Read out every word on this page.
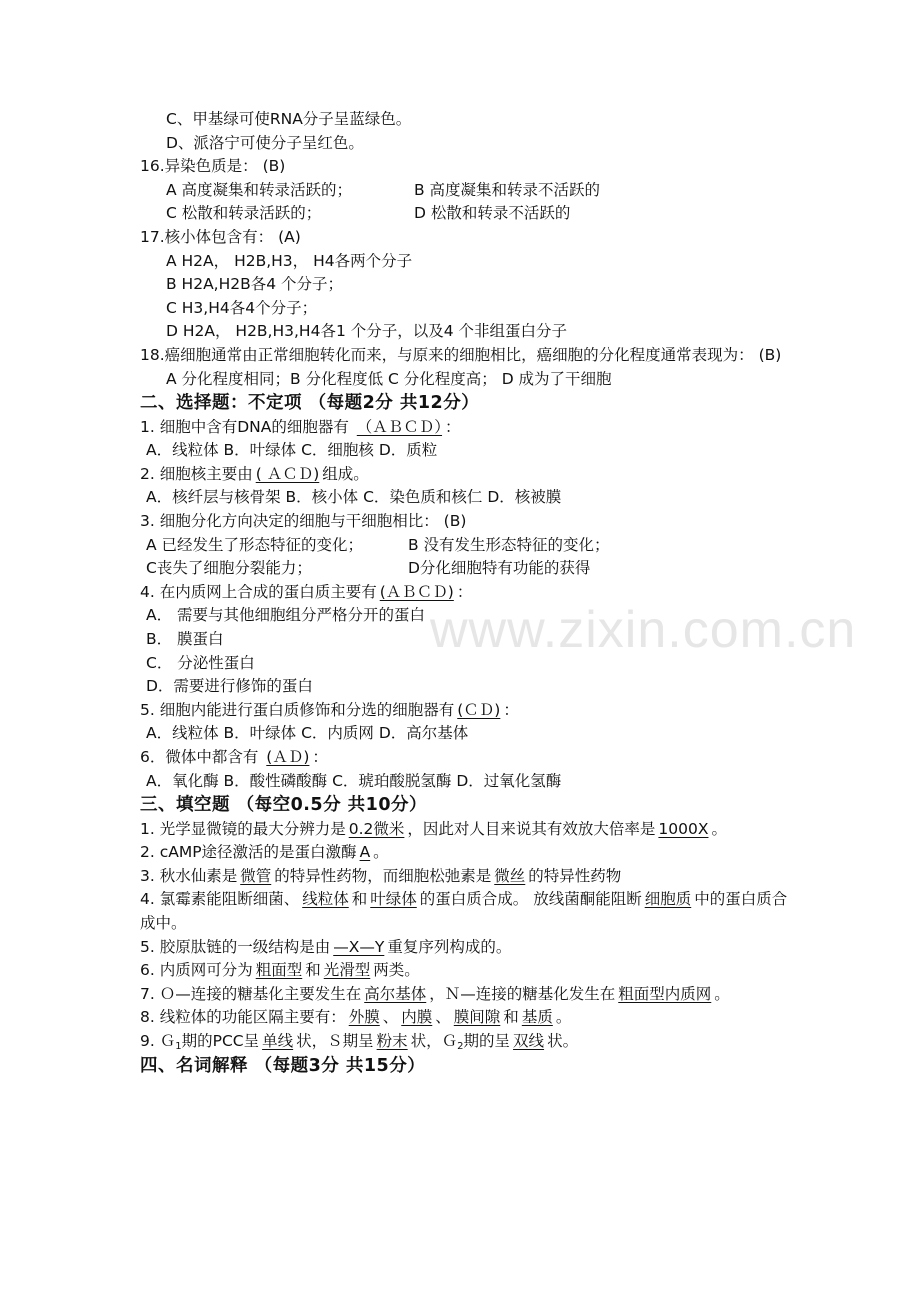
www.zixin.com.cn
C、甲基绿可使RNA分子呈蓝绿色。
D、派洛宁可使分子呈红色。
16.异染色质是： (B)
A 高度凝集和转录活跃的；	B 高度凝集和转录不活跃的
C 松散和转录活跃的；	D 松散和转录不活跃的
17.核小体包含有： (A)
A H2A， H2B,H3， H4各两个分子
B H2A,H2B各4 个分子；
C H3,H4各4个分子；
D H2A， H2B,H3,H4各1 个分子，以及4 个非组蛋白分子
18.癌细胞通常由正常细胞转化而来，与原来的细胞相比，癌细胞的分化程度通常表现为： (B)
A 分化程度相同；B 分化程度低 C 分化程度高； D 成为了干细胞
二、选择题：不定项 （每题2分 共12分）
1. 细胞中含有DNA的细胞器有 （ＡＢＣＤ） ：
A．线粒体 B．叶绿体 C．细胞核 D．质粒
2. 细胞核主要由 ( ＡＣＤ) 组成。
A．核纤层与核骨架 B．核小体 C．染色质和核仁 D．核被膜
3. 细胞分化方向决定的细胞与干细胞相比： (B)
A 已经发生了形态特征的变化；	B 没有发生形态特征的变化；
C丧失了细胞分裂能力；	D分化细胞特有功能的获得
4. 在内质网上合成的蛋白质主要有 (ＡＢＣＤ) ：
A． 需要与其他细胞组分严格分开的蛋白
B． 膜蛋白
C． 分泌性蛋白
D．需要进行修饰的蛋白
5. 细胞内能进行蛋白质修饰和分选的细胞器有 (ＣＤ) ：
A．线粒体 B．叶绿体 C．内质网 D．高尔基体
6．微体中都含有 (ＡＤ) ：
A．氧化酶 B．酸性磷酸酶 C．琥珀酸脱氢酶 D．过氧化氢酶
三、填空题 （每空0.5分 共10分）
1. 光学显微镜的最大分辨力是 0.2微米 ，因此对人目来说其有效放大倍率是 1000X 。
2. cAMP途径激活的是蛋白激酶 A 。
3. 秋水仙素是 微管 的特异性药物，而细胞松弛素是 微丝 的特异性药物
4. 氯霉素能阻断细菌、 线粒体 和 叶绿体 的蛋白质合成。 放线菌酮能阻断 细胞质 中的蛋白质合成中。
5. 胶原肽链的一级结构是由 —X—Y 重复序列构成的。
6. 内质网可分为 粗面型 和 光滑型 两类。
7. Ｏ—连接的糖基化主要发生在 高尔基体 ，Ｎ—连接的糖基化发生在 粗面型内质网 。
8. 线粒体的功能区隔主要有： 外膜 、 内膜 、 膜间隙 和 基质 。
9. Ｇ$_1$期的PCC呈 单线 状，Ｓ期呈 粉末 状，Ｇ$_2$期的呈 双线 状。
四、名词解释 （每题3分 共15分）
